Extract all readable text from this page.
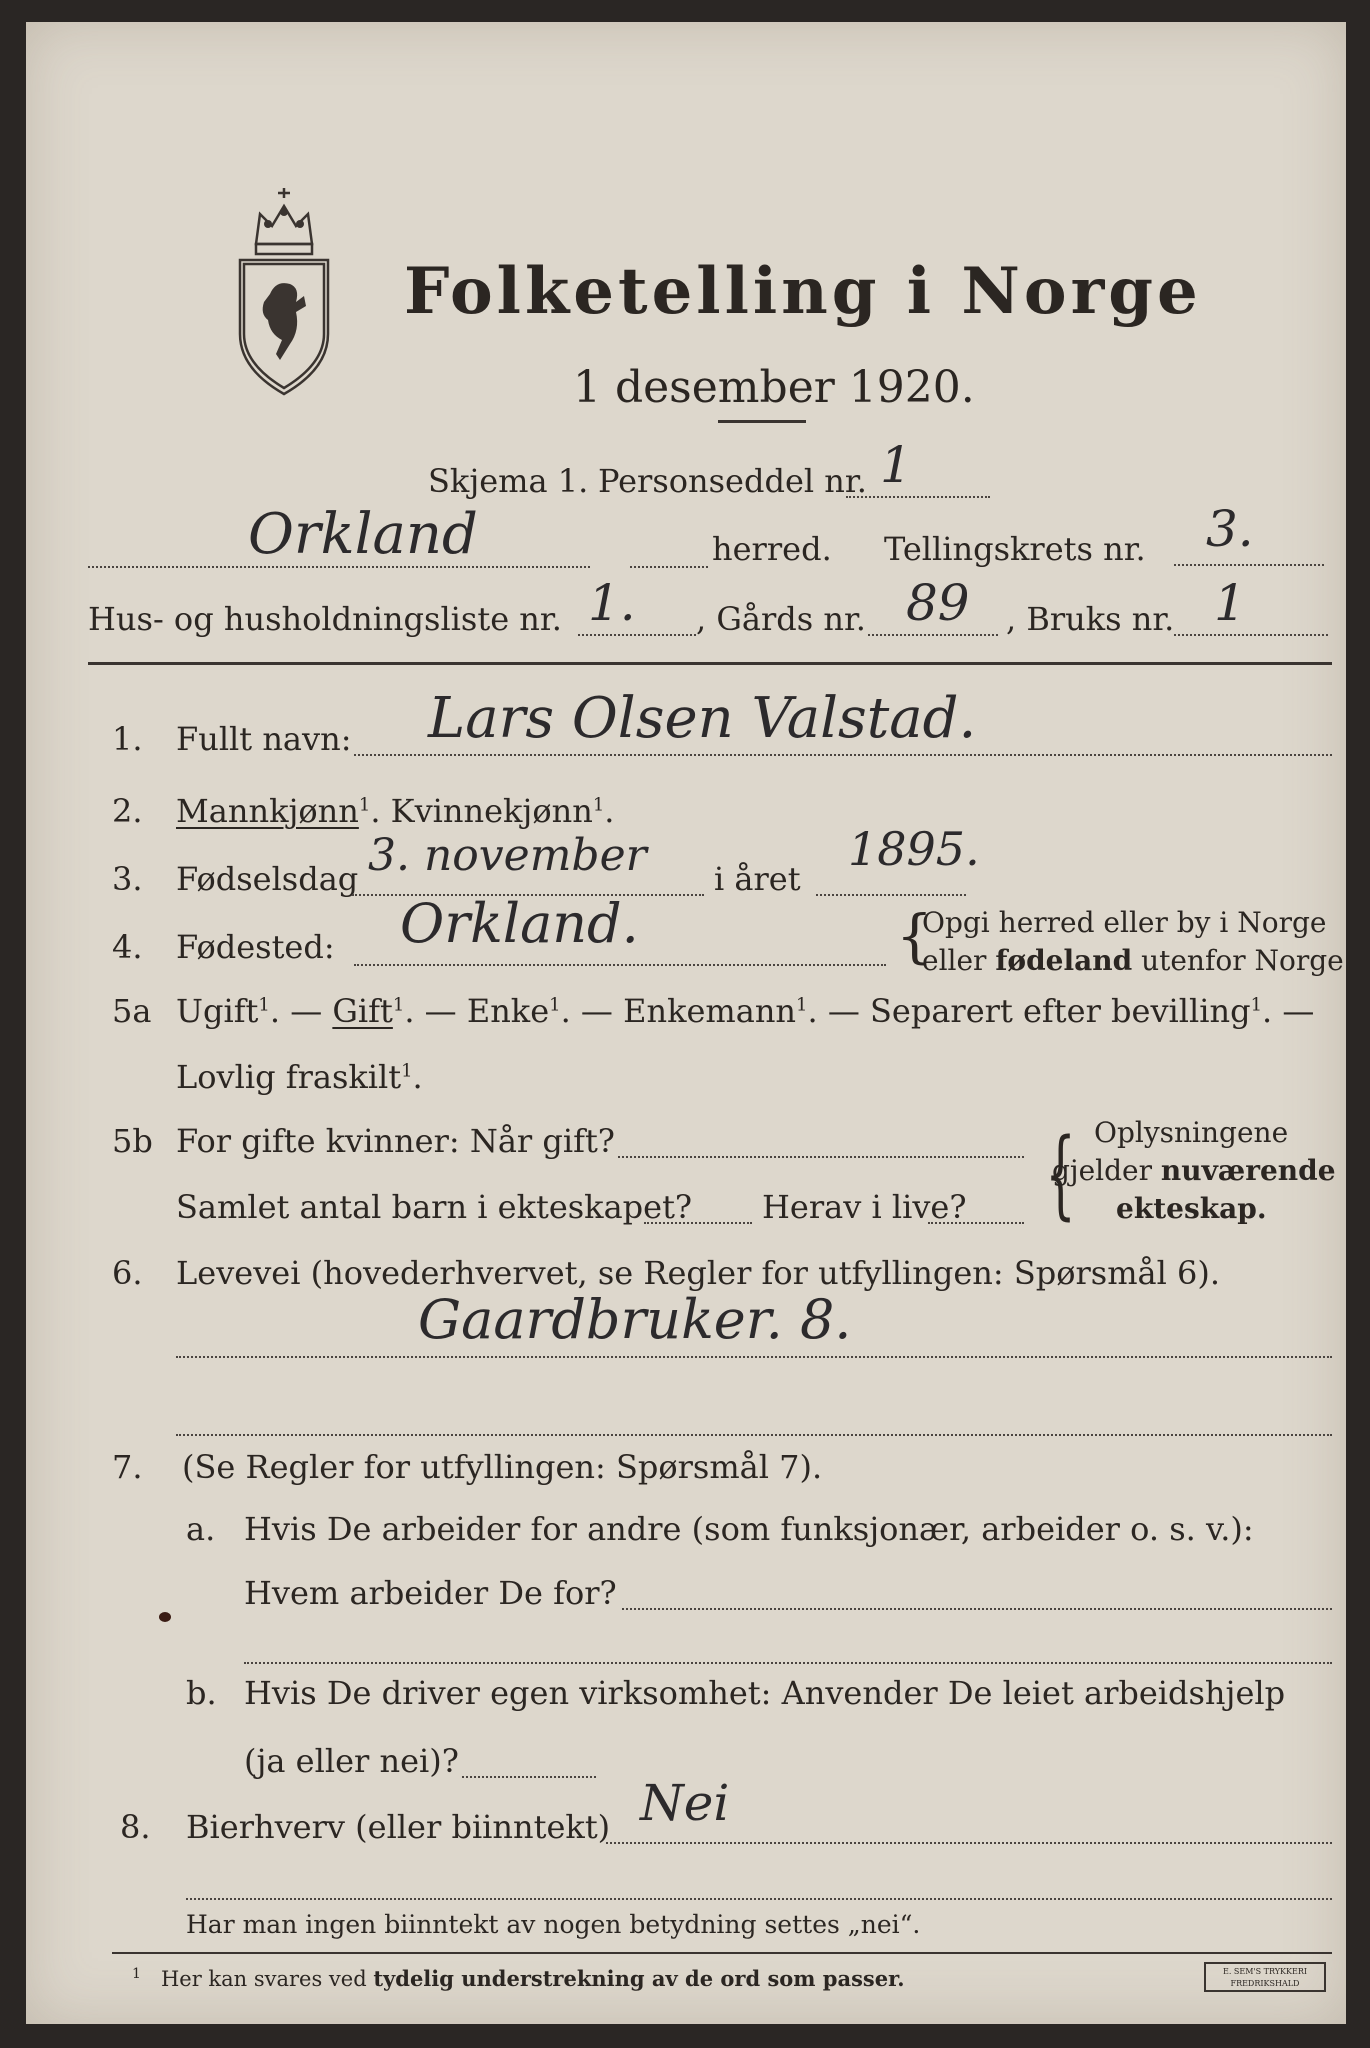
Folketelling i Norge
1 desember 1920.
Skjema 1. Personseddel nr. 1
Orkland	herred. Tellingskrets nr. 3.
Hus- og husholdningsliste nr. 1. , Gårds nr. 89 , Bruks nr. 1
1. Fullt navn: Lars Olsen Valstad.
2. Mannkjønn$^1$. Kvinnekjønn$^1$.
3. Fødselsdag 3. november i året
1895.
4. Fødested: Orkland.	{
Opgi herred eller by i Norge
eller fødeland utenfor Norge.
5a Ugift$^1$. — Gift$^1$. — Enke$^1$. — Enkemann$^1$. — Separert efter bevilling$^1$. —
Lovlig fraskilt$^1$.
5b For gifte kvinner: Når gift?
Samlet antal barn i ekteskapet? Herav i live? { Oplysningene
gjelder nuværende
ekteskap.
6. Levevei (hovederhvervet, se Regler for utfyllingen: Spørsmål 6).
Gaardbruker. 8.
7. (Se Regler for utfyllingen: Spørsmål 7).
a. Hvis De arbeider for andre (som funksjonær, arbeider o. s. v.):
Hvem arbeider De for?
b. Hvis De driver egen virksomhet: Anvender De leiet arbeidshjelp
(ja eller nei)?
8. Bierhverv (eller biinntekt) Nei
Har man ingen biinntekt av nogen betydning settes „nei“.
$^1$ Her kan svares ved tydelig understrekning av de ord som passer.	E. SEM'S TRYKKERI
FREDRIKSHALD
